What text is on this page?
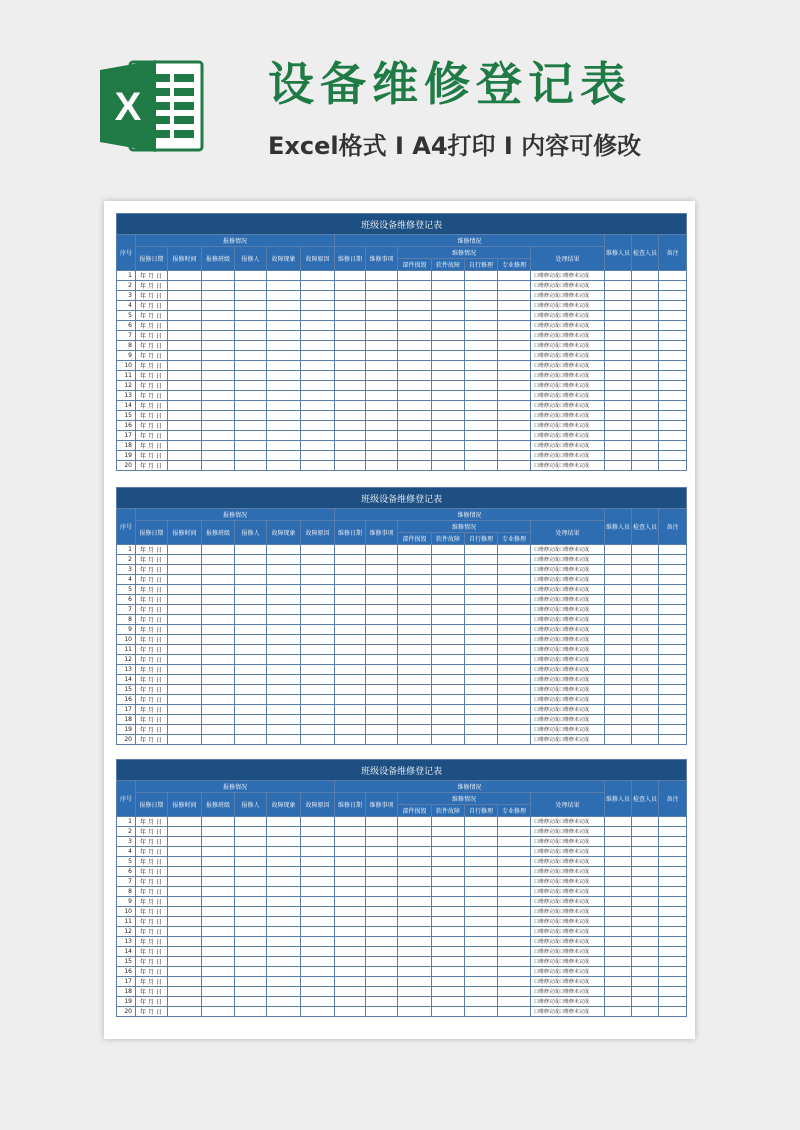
X	设备维修登记表
Excel格式 I A4打印 I 内容可修改
班级设备维修登记表																
序号	报修情况						维修情况							维修人员	检查人员	备注
	报修日期	报修时间	报修班级	报修人	故障现象	故障原因	维修日期	维修事项	维修情况				处理结果			
									部件损毁	软件故障	自行修理	专业修理				
1	年 月 日												口维修完成口维修未完成			
2	年 月 日												口维修完成口维修未完成			
3	年 月 日												口维修完成口维修未完成			
4	年 月 日												口维修完成口维修未完成			
5	年 月 日												口维修完成口维修未完成			
6	年 月 日												口维修完成口维修未完成			
7	年 月 日												口维修完成口维修未完成			
8	年 月 日												口维修完成口维修未完成			
9	年 月 日												口维修完成口维修未完成			
10	年 月 日												口维修完成口维修未完成			
11	年 月 日												口维修完成口维修未完成			
12	年 月 日												口维修完成口维修未完成			
13	年 月 日												口维修完成口维修未完成			
14	年 月 日												口维修完成口维修未完成			
15	年 月 日												口维修完成口维修未完成			
16	年 月 日												口维修完成口维修未完成			
17	年 月 日												口维修完成口维修未完成			
18	年 月 日												口维修完成口维修未完成			
19	年 月 日												口维修完成口维修未完成			
20	年 月 日												口维修完成口维修未完成			
班级设备维修登记表																
序号	报修情况						维修情况							维修人员	检查人员	备注
	报修日期	报修时间	报修班级	报修人	故障现象	故障原因	维修日期	维修事项	维修情况				处理结果			
									部件损毁	软件故障	自行修理	专业修理				
1	年 月 日												口维修完成口维修未完成			
2	年 月 日												口维修完成口维修未完成			
3	年 月 日												口维修完成口维修未完成			
4	年 月 日												口维修完成口维修未完成			
5	年 月 日												口维修完成口维修未完成			
6	年 月 日												口维修完成口维修未完成			
7	年 月 日												口维修完成口维修未完成			
8	年 月 日												口维修完成口维修未完成			
9	年 月 日												口维修完成口维修未完成			
10	年 月 日												口维修完成口维修未完成			
11	年 月 日												口维修完成口维修未完成			
12	年 月 日												口维修完成口维修未完成			
13	年 月 日												口维修完成口维修未完成			
14	年 月 日												口维修完成口维修未完成			
15	年 月 日												口维修完成口维修未完成			
16	年 月 日												口维修完成口维修未完成			
17	年 月 日												口维修完成口维修未完成			
18	年 月 日												口维修完成口维修未完成			
19	年 月 日												口维修完成口维修未完成			
20	年 月 日												口维修完成口维修未完成			
班级设备维修登记表																
序号	报修情况						维修情况							维修人员	检查人员	备注
	报修日期	报修时间	报修班级	报修人	故障现象	故障原因	维修日期	维修事项	维修情况				处理结果			
									部件损毁	软件故障	自行修理	专业修理				
1	年 月 日												口维修完成口维修未完成			
2	年 月 日												口维修完成口维修未完成			
3	年 月 日												口维修完成口维修未完成			
4	年 月 日												口维修完成口维修未完成			
5	年 月 日												口维修完成口维修未完成			
6	年 月 日												口维修完成口维修未完成			
7	年 月 日												口维修完成口维修未完成			
8	年 月 日												口维修完成口维修未完成			
9	年 月 日												口维修完成口维修未完成			
10	年 月 日												口维修完成口维修未完成			
11	年 月 日												口维修完成口维修未完成			
12	年 月 日												口维修完成口维修未完成			
13	年 月 日												口维修完成口维修未完成			
14	年 月 日												口维修完成口维修未完成			
15	年 月 日												口维修完成口维修未完成			
16	年 月 日												口维修完成口维修未完成			
17	年 月 日												口维修完成口维修未完成			
18	年 月 日												口维修完成口维修未完成			
19	年 月 日												口维修完成口维修未完成			
20	年 月 日												口维修完成口维修未完成			
